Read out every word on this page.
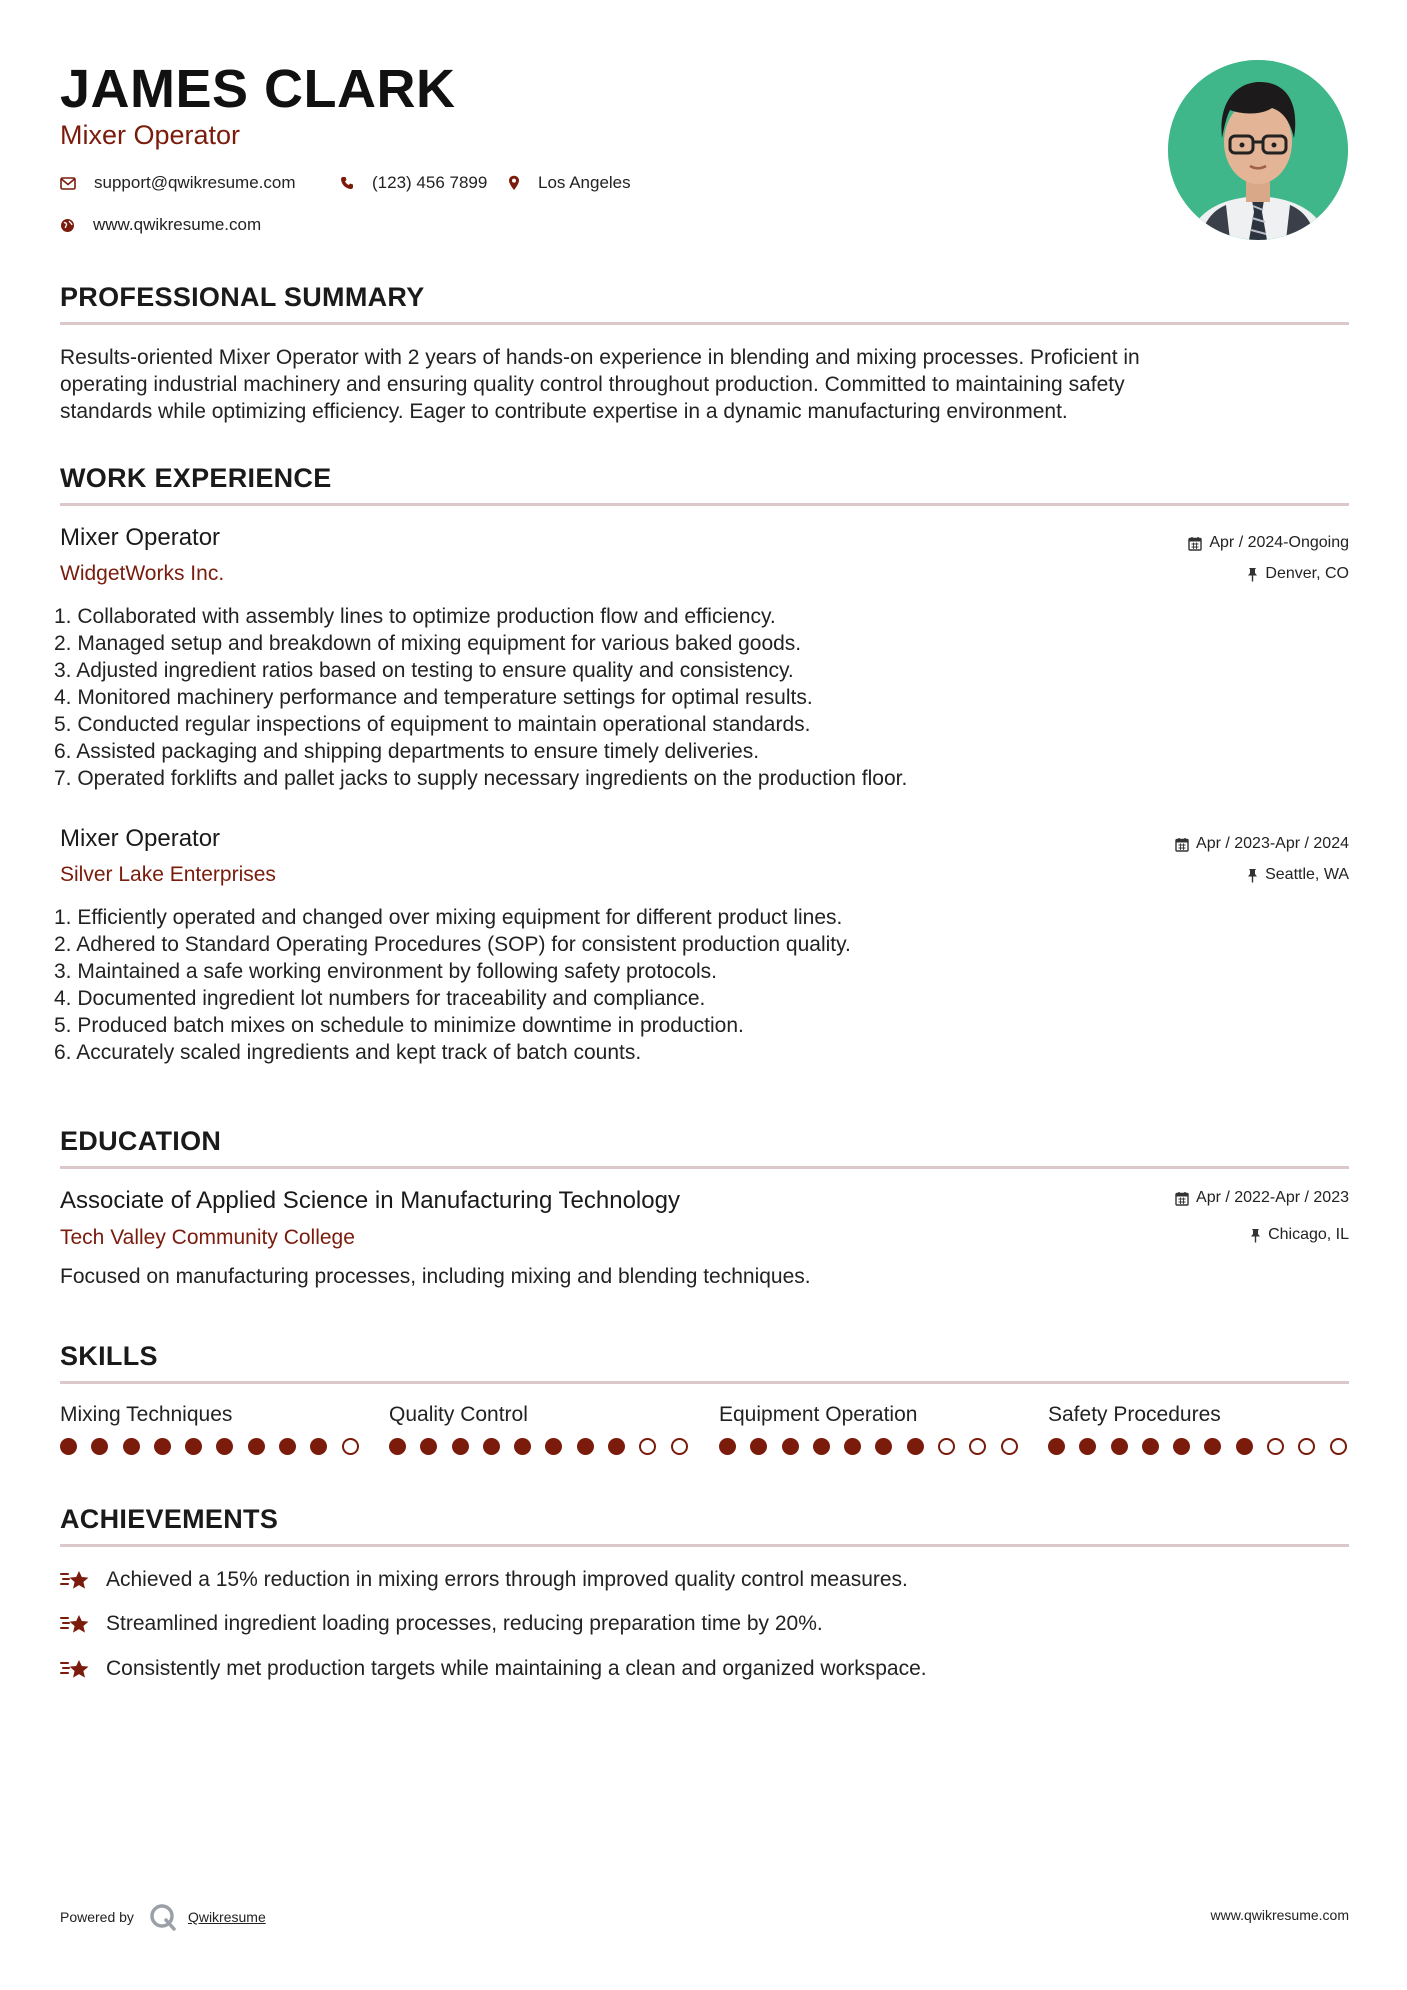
JAMES CLARK
Mixer Operator
support@qwikresume.com	(123) 456 7899	Los Angeles
www.qwikresume.com
PROFESSIONAL SUMMARY
Results-oriented Mixer Operator with 2 years of hands-on experience in blending and mixing processes. Proficient in
operating industrial machinery and ensuring quality control throughout production. Committed to maintaining safety
standards while optimizing efficiency. Eager to contribute expertise in a dynamic manufacturing environment.
WORK EXPERIENCE
Mixer Operator
WidgetWorks Inc.
Apr / 2024-Ongoing
Denver, CO
1. Collaborated with assembly lines to optimize production flow and efficiency.
2. Managed setup and breakdown of mixing equipment for various baked goods.
3. Adjusted ingredient ratios based on testing to ensure quality and consistency.
4. Monitored machinery performance and temperature settings for optimal results.
5. Conducted regular inspections of equipment to maintain operational standards.
6. Assisted packaging and shipping departments to ensure timely deliveries.
7. Operated forklifts and pallet jacks to supply necessary ingredients on the production floor.
Mixer Operator
Silver Lake Enterprises
Apr / 2023-Apr / 2024
Seattle, WA
1. Efficiently operated and changed over mixing equipment for different product lines.
2. Adhered to Standard Operating Procedures (SOP) for consistent production quality.
3. Maintained a safe working environment by following safety protocols.
4. Documented ingredient lot numbers for traceability and compliance.
5. Produced batch mixes on schedule to minimize downtime in production.
6. Accurately scaled ingredients and kept track of batch counts.
EDUCATION
Associate of Applied Science in Manufacturing Technology
Tech Valley Community College
Apr / 2022-Apr / 2023
Chicago, IL
Focused on manufacturing processes, including mixing and blending techniques.
SKILLS
Mixing Techniques	Quality Control	Equipment Operation	Safety Procedures
ACHIEVEMENTS
Achieved a 15% reduction in mixing errors through improved quality control measures.
Streamlined ingredient loading processes, reducing preparation time by 20%.
Consistently met production targets while maintaining a clean and organized workspace.
Powered by	Qwikresume	www.qwikresume.com
